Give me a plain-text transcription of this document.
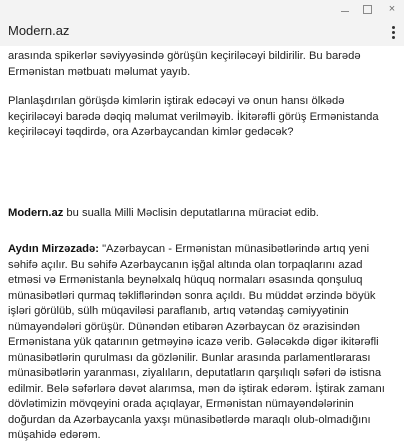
×
Modern.az

arasında spikerlər səviyyəsində görüşün keçiriləcəyi bildirilir. Bu barədə Ermənistan mətbuatı məlumat yayıb.

Planlaşdırılan görüşdə kimlərin iştirak edəcəyi və onun hansı ölkədə keçiriləcəyi barədə dəqiq məlumat verilməyib. İkitərəfli görüş Ermənistanda keçiriləcəyi təqdirdə, ora Azərbaycandan kimlər gedəcək?

Modern.az bu sualla Milli Məclisin deputatlarına müraciət edib.

Aydın Mirzəzadə: "Azərbaycan - Ermənistan münasibətlərində artıq yeni səhifə açılır. Bu səhifə Azərbaycanın işğal altında olan torpaqlarını azad etməsi və Ermənistanla beynəlxalq hüquq normaları əsasında qonşuluq münasibətləri qurmaq təkliflərindən sonra açıldı. Bu müddət ərzində böyük işləri görülüb, sülh müqaviləsi paraflanıb, artıq vətəndaş cəmiyyətinin nümayəndələri görüşür. Dünəndən etibarən Azərbaycan öz ərazisindən Ermənistana yük qatarının getməyinə icazə verib. Gələcəkdə digər ikitərəfli münasibətlərin qurulması da gözlənilir. Bunlar arasında parlamentlərarası münasibətlərin yaranması, ziyalıların, deputatların qarşılıqlı səfəri də istisna edilmir. Belə səfərlərə dəvət alarımsa, mən də iştirak edərəm. İştirak zamanı dövlətimizin mövqeyini orada açıqlayar, Ermənistan nümayəndələrinin doğurdan da Azərbaycanla yaxşı münasibətlərdə maraqlı olub-olmadığını müşahidə edərəm.
